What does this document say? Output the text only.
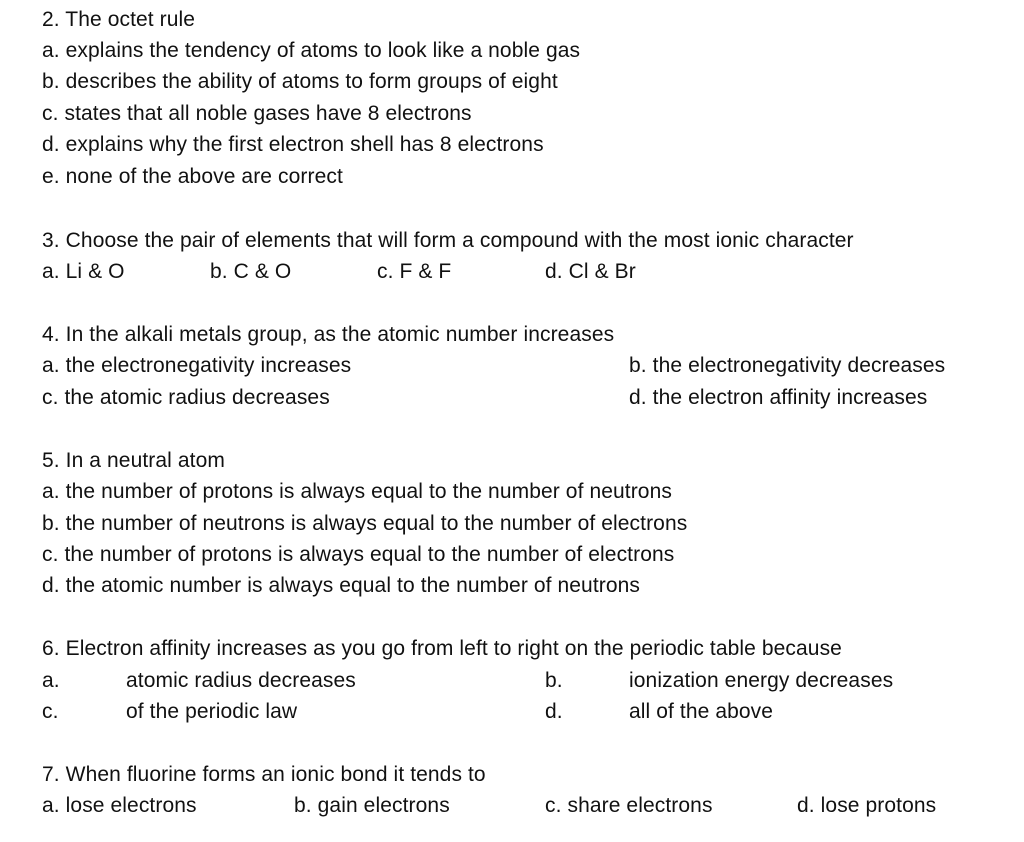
2. The octet rule
a. explains the tendency of atoms to look like a noble gas
b. describes the ability of atoms to form groups of eight
c. states that all noble gases have 8 electrons
d. explains why the first electron shell has 8 electrons
e. none of the above are correct
3. Choose the pair of elements that will form a compound with the most ionic character
a. Li & O	b. C & O	c. F & F	d. Cl & Br
4. In the alkali metals group, as the atomic number increases
a. the electronegativity increases	b. the electronegativity decreases
c. the atomic radius decreases	d. the electron affinity increases
5. In a neutral atom
a. the number of protons is always equal to the number of neutrons
b. the number of neutrons is always equal to the number of electrons
c. the number of protons is always equal to the number of electrons
d. the atomic number is always equal to the number of neutrons
6. Electron affinity increases as you go from left to right on the periodic table because
a.	atomic radius decreases	b.	ionization energy decreases
c.	of the periodic law	d.	all of the above
7. When fluorine forms an ionic bond it tends to
a. lose electrons	b. gain electrons	c. share electrons	d. lose protons
